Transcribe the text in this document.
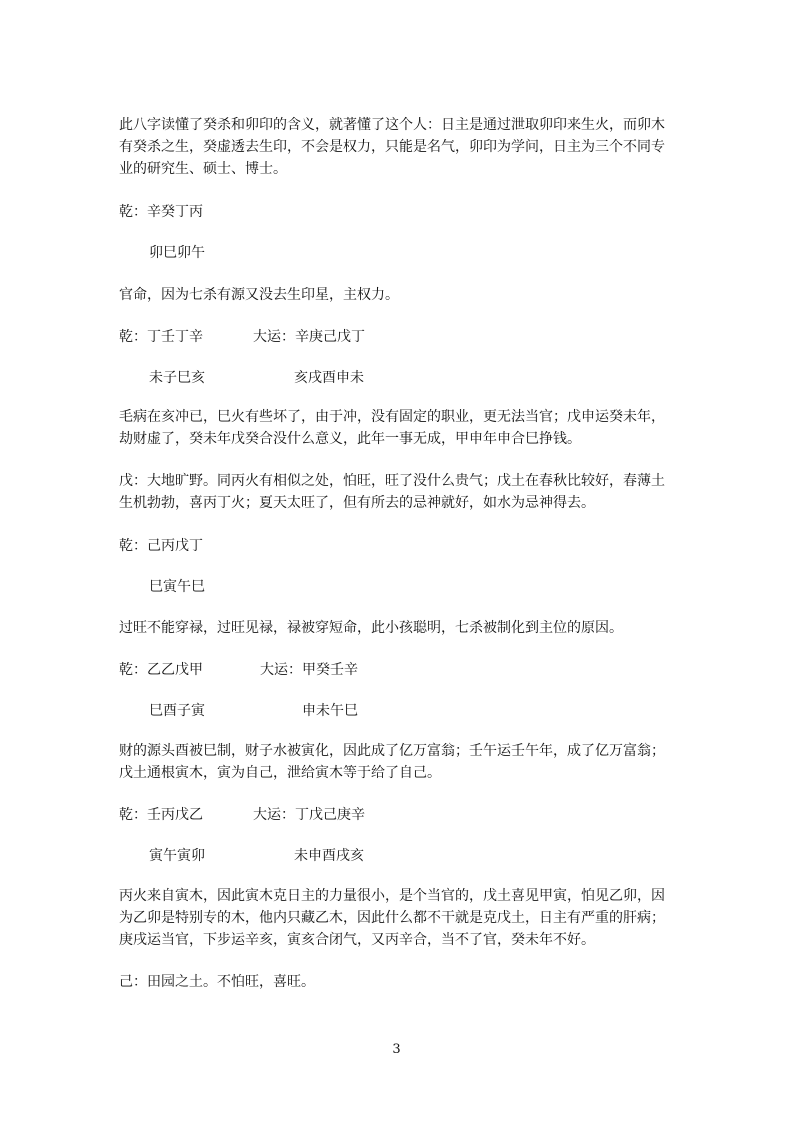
此八字读懂了癸杀和卯印的含义，就著懂了这个人：日主是通过泄取卯印来生火，而卯木
有癸杀之生，癸虚透去生印，不会是权力，只能是名气，卯印为学问，日主为三个不同专
业的研究生、硕士、博士。

乾：辛癸丁丙

卯巳卯午

官命，因为七杀有源又没去生印星，主权力。

乾：丁壬丁辛	大运：辛庚己戊丁

未子巳亥	亥戌酉申未

毛病在亥冲已，巳火有些坏了，由于冲，没有固定的职业，更无法当官；戊申运癸未年，
劫财虚了，癸未年戊癸合没什么意义，此年一事无成，甲申年申合巳挣钱。

戊：大地旷野。同丙火有相似之处，怕旺，旺了没什么贵气；戊土在春秋比较好，春薄土
生机勃勃，喜丙丁火；夏天太旺了，但有所去的忌神就好，如水为忌神得去。

乾：己丙戊丁

巳寅午巳

过旺不能穿禄，过旺见禄，禄被穿短命，此小孩聪明，七杀被制化到主位的原因。

乾：乙乙戊甲	大运：甲癸壬辛

巳酉子寅	申未午巳

财的源头酉被巳制，财子水被寅化，因此成了亿万富翁；壬午运壬午年，成了亿万富翁；
戊土通根寅木，寅为自己，泄给寅木等于给了自己。

乾：壬丙戊乙	大运：丁戊己庚辛

寅午寅卯	未申酉戌亥

丙火来自寅木，因此寅木克日主的力量很小，是个当官的，戊土喜见甲寅，怕见乙卯，因
为乙卯是特别专的木，他内只藏乙木，因此什么都不干就是克戊土，日主有严重的肝病；
庚戌运当官，下步运辛亥，寅亥合闭气，又丙辛合，当不了官，癸未年不好。

己：田园之土。不怕旺，喜旺。

3
